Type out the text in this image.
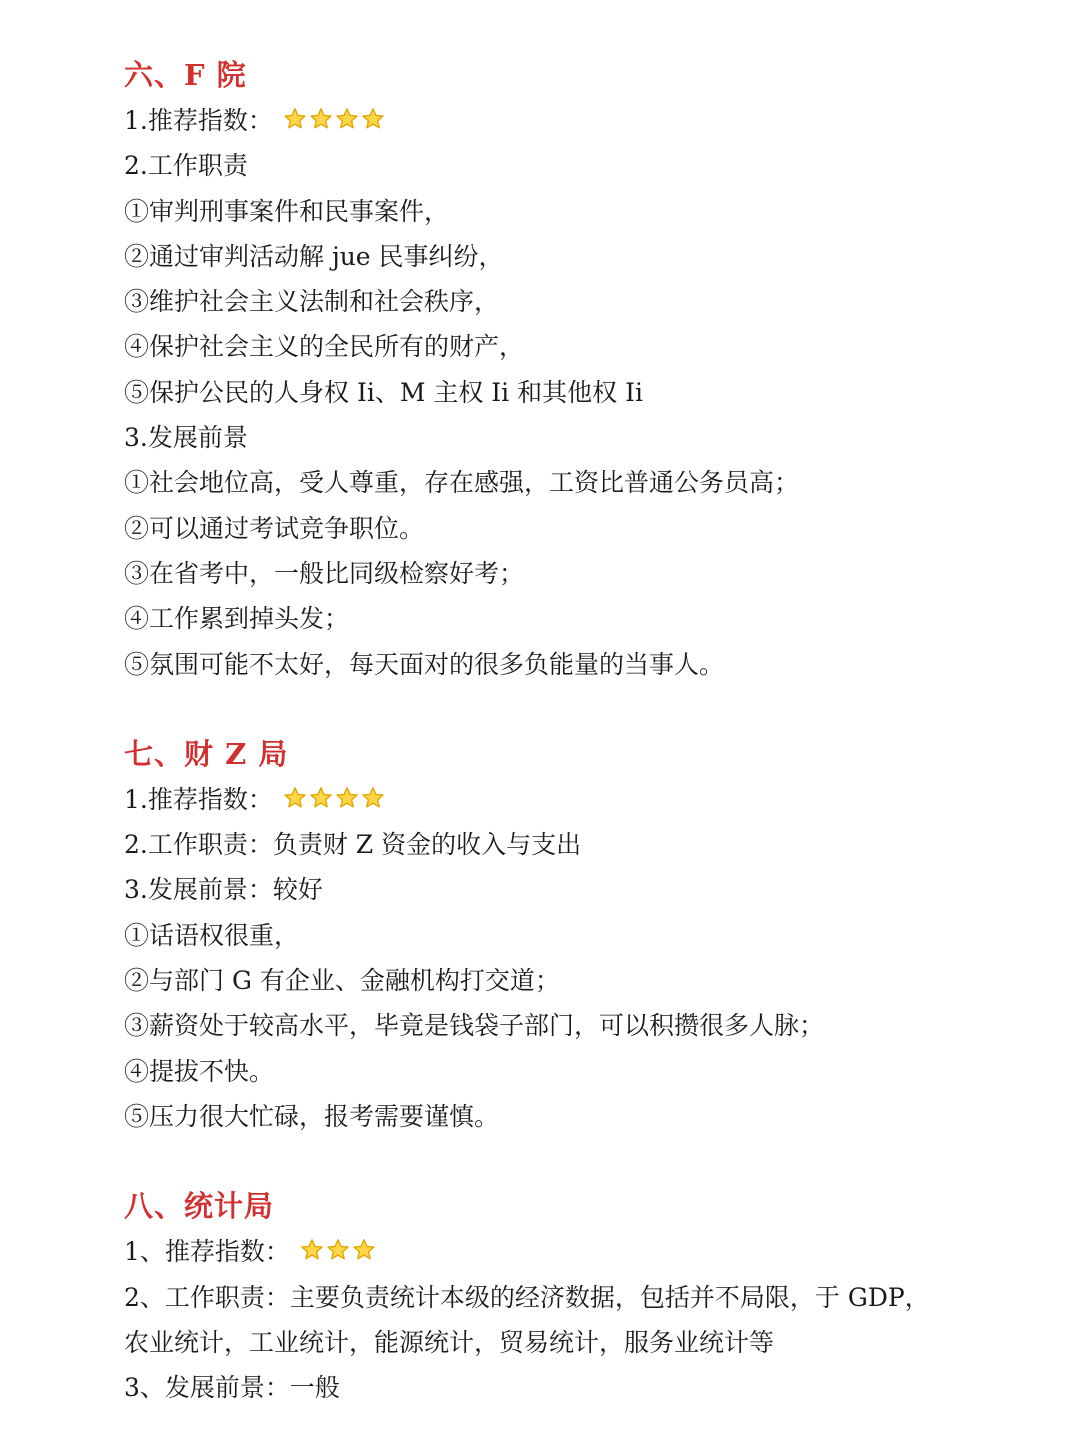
六、F 院
1.推荐指数：
2.工作职责
①审判刑事案件和民事案件，
②通过审判活动解 jue 民事纠纷，
③维护社会主义法制和社会秩序，
④保护社会主义的全民所有的财产，
⑤保护公民的人身权 Ii、M 主权 Ii 和其他权 Ii
3.发展前景
①社会地位高，受人尊重，存在感强，工资比普通公务员高；
②可以通过考试竞争职位。
③在省考中，一般比同级检察好考；
④工作累到掉头发；
⑤氛围可能不太好，每天面对的很多负能量的当事人。
七、财 Z 局
1.推荐指数：
2.工作职责：负责财 Z 资金的收入与支出
3.发展前景：较好
①话语权很重，
②与部门 G 有企业、金融机构打交道；
③薪资处于较高水平，毕竟是钱袋子部门，可以积攒很多人脉；
④提拔不快。
⑤压力很大忙碌，报考需要谨慎。
八、统计局
1、推荐指数：
2、工作职责：主要负责统计本级的经济数据，包括并不局限，于 GDP，
农业统计，工业统计，能源统计，贸易统计，服务业统计等
3、发展前景：一般
